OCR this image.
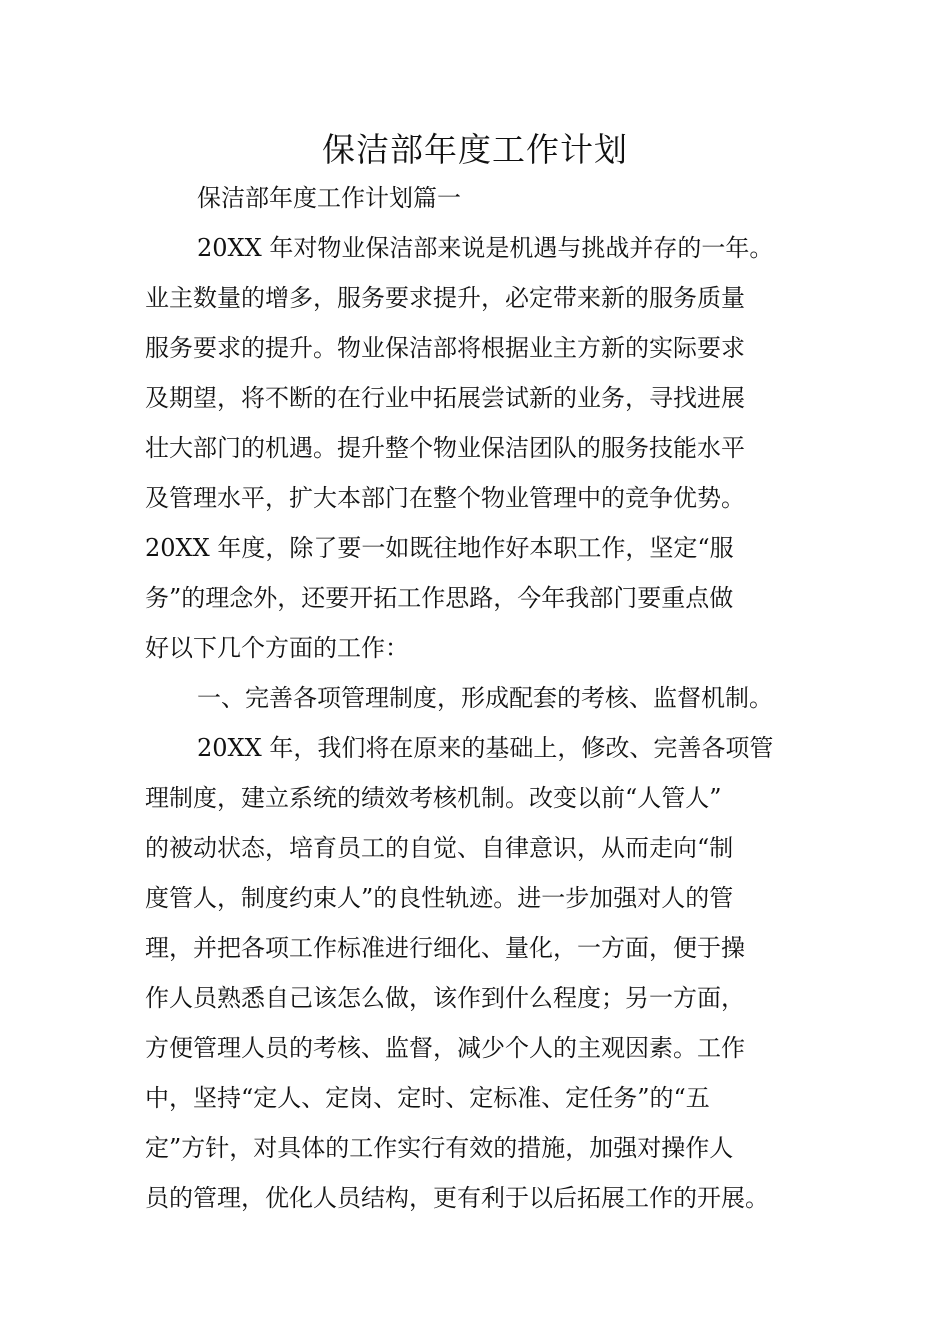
保洁部年度工作计划
保洁部年度工作计划篇一
20XX 年对物业保洁部来说是机遇与挑战并存的一年。
业主数量的增多，服务要求提升，必定带来新的服务质量
服务要求的提升。物业保洁部将根据业主方新的实际要求
及期望，将不断的在行业中拓展尝试新的业务，寻找进展
壮大部门的机遇。提升整个物业保洁团队的服务技能水平
及管理水平，扩大本部门在整个物业管理中的竞争优势。
20XX 年度，除了要一如既往地作好本职工作，坚定“服
务”的理念外，还要开拓工作思路，今年我部门要重点做
好以下几个方面的工作：
一、完善各项管理制度，形成配套的考核、监督机制。
20XX 年，我们将在原来的基础上，修改、完善各项管
理制度，建立系统的绩效考核机制。改变以前“人管人”
的被动状态，培育员工的自觉、自律意识，从而走向“制
度管人，制度约束人”的良性轨迹。进一步加强对人的管
理，并把各项工作标准进行细化、量化，一方面，便于操
作人员熟悉自己该怎么做，该作到什么程度；另一方面，
方便管理人员的考核、监督，减少个人的主观因素。工作
中，坚持“定人、定岗、定时、定标准、定任务”的“五
定”方针，对具体的工作实行有效的措施，加强对操作人
员的管理，优化人员结构，更有利于以后拓展工作的开展。
